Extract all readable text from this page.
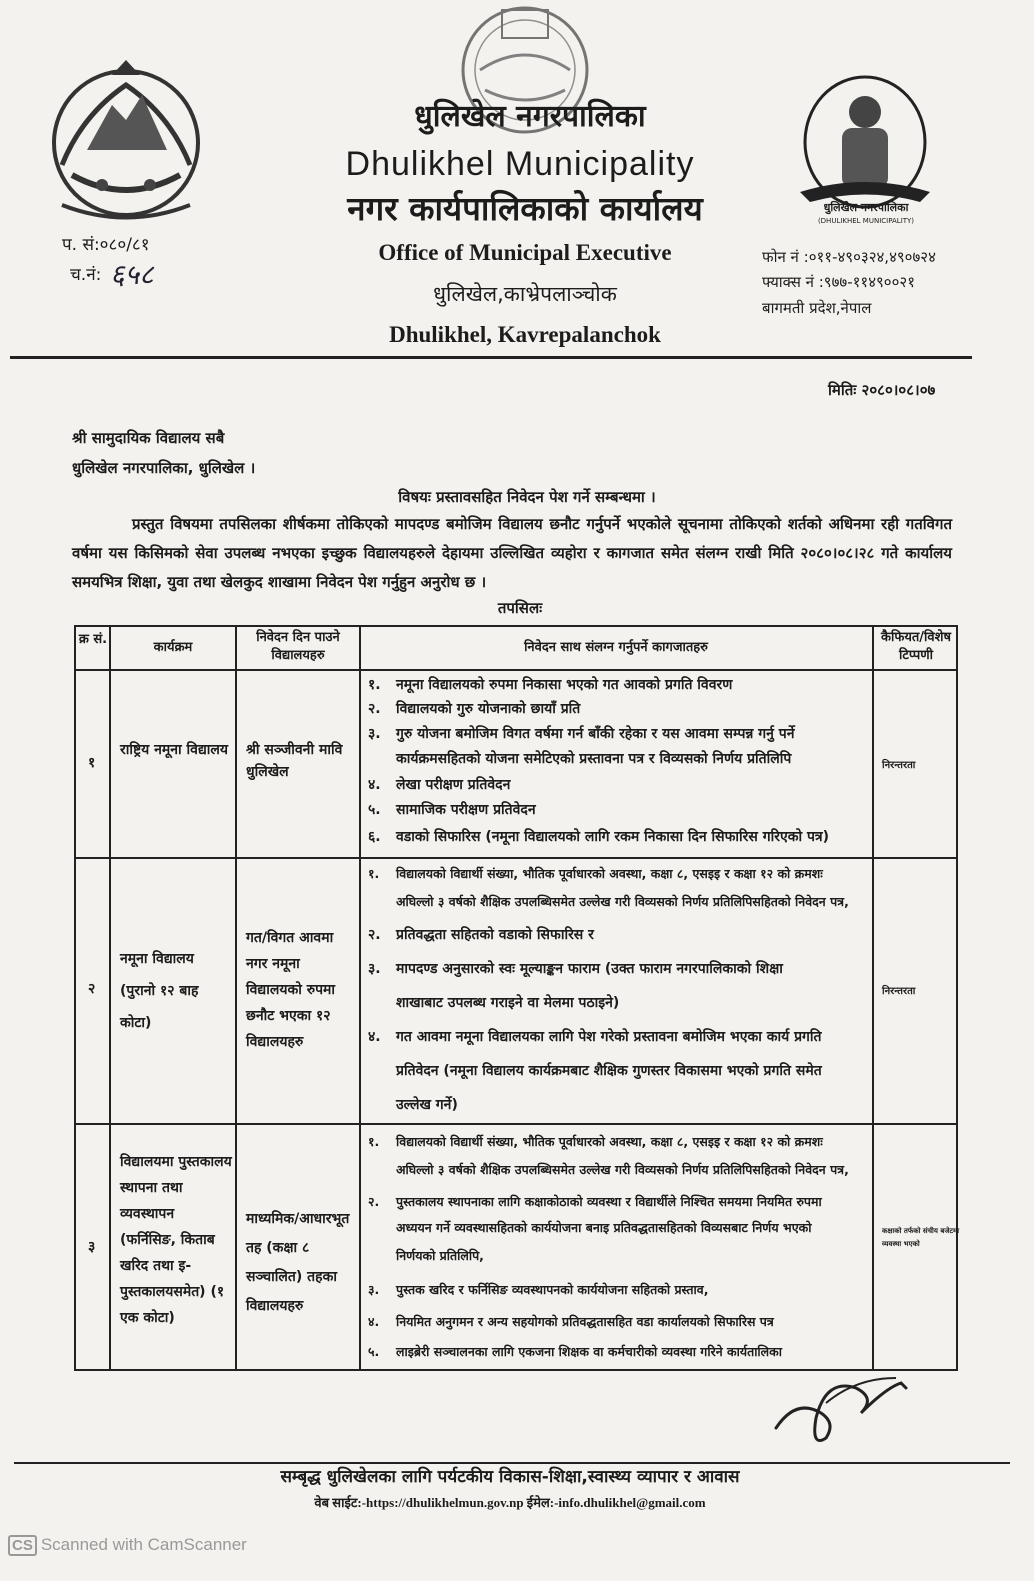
धुलिखेल नगरपालिका
(DHULIKHEL MUNICIPALITY)
धुलिखेल नगरपालिका
Dhulikhel Municipality
नगर कार्यपालिकाको कार्यालय
Office of Municipal Executive
धुलिखेल,काभ्रेपलाञ्चोक
Dhulikhel, Kavrepalanchok
प. सं:०८०/८१
च.नं: ६५८
फोन नं :०११-४९०३२४,४९०७२४
फ्याक्स नं :९७७-११४९००२१
बागमती प्रदेश,नेपाल
मितिः २०८०।०८।०७
श्री सामुदायिक विद्यालय सबै
धुलिखेल नगरपालिका, धुलिखेल ।
विषयः प्रस्तावसहित निवेदन पेश गर्ने सम्बन्धमा ।
प्रस्तुत विषयमा तपसिलका शीर्षकमा तोकिएको मापदण्ड बमोजिम विद्यालय छनौट गर्नुपर्ने भएकोले सूचनामा तोकिएको शर्तको अधिनमा रही गतविगत वर्षमा यस किसिमको सेवा उपलब्ध नभएका इच्छुक विद्यालयहरुले देहायमा उल्लिखित व्यहोरा र कागजात समेत संलग्न राखी मिति २०८०।०८।२८ गते कार्यालय समयभित्र शिक्षा, युवा तथा खेलकुद शाखामा निवेदन पेश गर्नुहुन अनुरोध छ ।
तपसिलः
क्र सं.
कार्यक्रम
निवेदन दिन पाउने विद्यालयहरु
निवेदन साथ संलग्न गर्नुपर्ने कागजातहरु
कैफियत/विशेष टिप्पणी
१
राष्ट्रिय नमूना विद्यालय श्री सञ्जीवनी मावि धुलिखेल	निरन्तरता
१. नमूना विद्यालयको रुपमा निकासा भएको गत आवको प्रगति विवरण
२. विद्यालयको गुरु योजनाको छायाँ प्रति
३. गुरु योजना बमोजिम विगत वर्षमा गर्न बाँकी रहेका र यस आवमा सम्पन्न गर्नु पर्ने
कार्यक्रमसहितको योजना समेटिएको प्रस्तावना पत्र र विव्यसको निर्णय प्रतिलिपि
४. लेखा परीक्षण प्रतिवेदन
५. सामाजिक परीक्षण प्रतिवेदन
६. वडाको सिफारिस (नमूना विद्यालयको लागि रकम निकासा दिन सिफारिस गरिएको पत्र)
२
नमूना विद्यालय (पुरानो १२ बाह कोटा)
गत/विगत आवमा नगर नमूना विद्यालयको रुपमा छनौट भएका १२ विद्यालयहरु
निरन्तरता
१. विद्यालयको विद्यार्थी संख्या, भौतिक पूर्वाधारको अवस्था, कक्षा ८, एसइइ र कक्षा १२ को क्रमशः
अघिल्लो ३ वर्षको शैक्षिक उपलब्धिसमेत उल्लेख गरी विव्यसको निर्णय प्रतिलिपिसहितको निवेदन पत्र,
२. प्रतिवद्धता सहितको वडाको सिफारिस र
३. मापदण्ड अनुसारको स्वः मूल्याङ्कन फाराम (उक्त फाराम नगरपालिकाको शिक्षा
शाखाबाट उपलब्ध गराइने वा मेलमा पठाइने)
४. गत आवमा नमूना विद्यालयका लागि पेश गरेको प्रस्तावना बमोजिम भएका कार्य प्रगति
प्रतिवेदन (नमूना विद्यालय कार्यक्रमबाट शैक्षिक गुणस्तर विकासमा भएको प्रगति समेत
उल्लेख गर्ने)
३
विद्यालयमा पुस्तकालय स्थापना तथा व्यवस्थापन (फर्निसिङ, किताब खरिद तथा इ-पुस्तकालयसमेत) (१ एक कोटा)
माध्यमिक/आधारभूत तह (कक्षा ८ सञ्चालित) तहका विद्यालयहरु
कक्षाको तर्फको संचीय बजेटमा व्यवस्था भएको
१. विद्यालयको विद्यार्थी संख्या, भौतिक पूर्वाधारको अवस्था, कक्षा ८, एसइइ र कक्षा १२ को क्रमशः
अघिल्लो ३ वर्षको शैक्षिक उपलब्धिसमेत उल्लेख गरी विव्यसको निर्णय प्रतिलिपिसहितको निवेदन पत्र,
२. पुस्तकालय स्थापनाका लागि कक्षाकोठाको व्यवस्था र विद्यार्थीले निश्चित समयमा नियमित रुपमा
अध्ययन गर्ने व्यवस्थासहितको कार्ययोजना बनाइ प्रतिवद्धतासहितको विव्यसबाट निर्णय भएको
निर्णयको प्रतिलिपि,
३. पुस्तक खरिद र फर्निसिङ व्यवस्थापनको कार्ययोजना सहितको प्रस्ताव,
४. नियमित अनुगमन र अन्य सहयोगको प्रतिवद्धतासहित वडा कार्यालयको सिफारिस पत्र
५. लाइब्रेरी सञ्चालनका लागि एकजना शिक्षक वा कर्मचारीको व्यवस्था गरिने कार्यतालिका
सम्बृद्ध धुलिखेलका लागि पर्यटकीय विकास-शिक्षा,स्वास्थ्य व्यापार र आवास
वेब साईट:-https://dhulikhelmun.gov.np ईमेल:-info.dhulikhel@gmail.com
CS Scanned with CamScanner
